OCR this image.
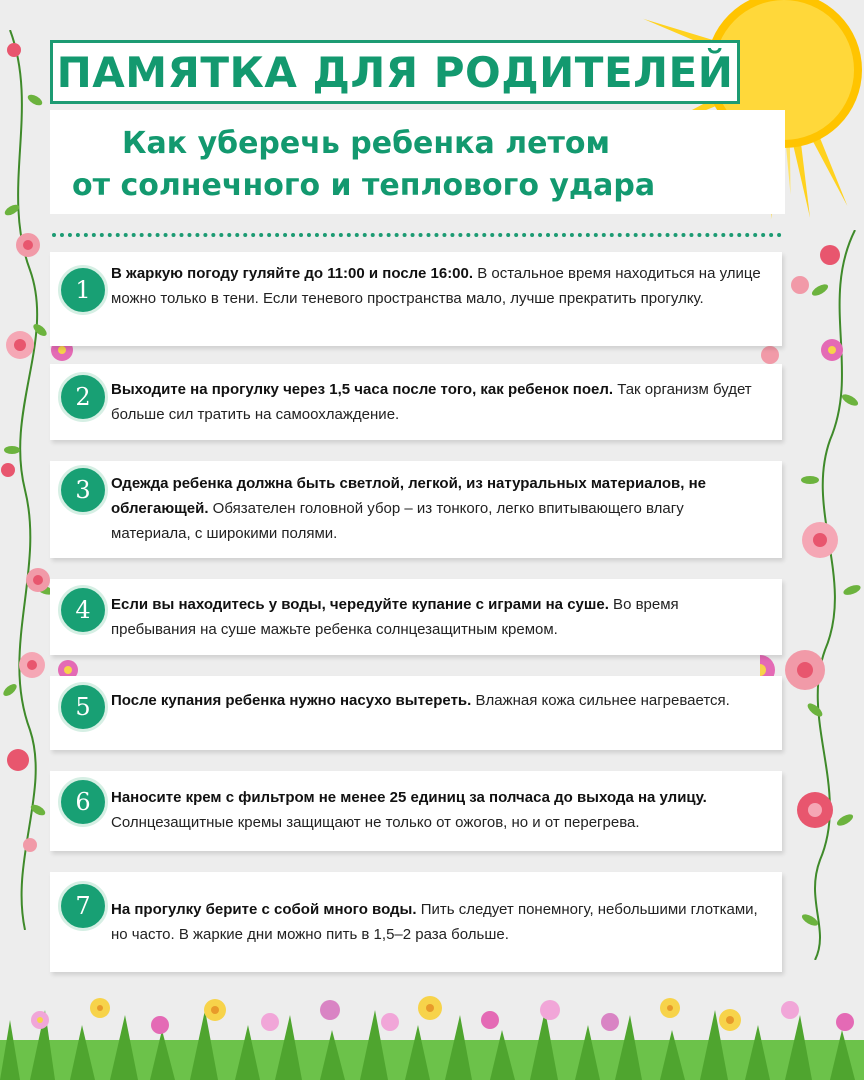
ПАМЯТКА ДЛЯ РОДИТЕЛЕЙ
Как уберечь ребенка летом
от солнечного и теплового удара
1

В жаркую погоду гуляйте до 11:00 и после 16:00. В остальное время находиться на улице можно только в тени. Если теневого пространства мало, лучше прекратить прогулку.

2	Выходите на прогулку через 1,5 часа после того, как ребенок поел. Так организм будет больше сил тратить на самоохлаждение.

3	Одежда ребенка должна быть светлой, легкой, из натуральных материалов, не облегающей. Обязателен головной убор – из тонкого, легко впитывающего влагу материала, с широкими полями.

4	Если вы находитесь у воды, чередуйте купание с играми на суше. Во время пребывания на суше мажьте ребенка солнцезащитным кремом.

5	После купания ребенка нужно насухо вытереть. Влажная кожа сильнее нагревается.

6	Наносите крем с фильтром не менее 25 единиц за полчаса до выхода на улицу. Солнцезащитные кремы защищают не только от ожогов, но и от перегрева.

7	На прогулку берите с собой много воды. Пить следует понемногу, небольшими глотками, но часто. В жаркие дни можно пить в 1,5–2 раза больше.
